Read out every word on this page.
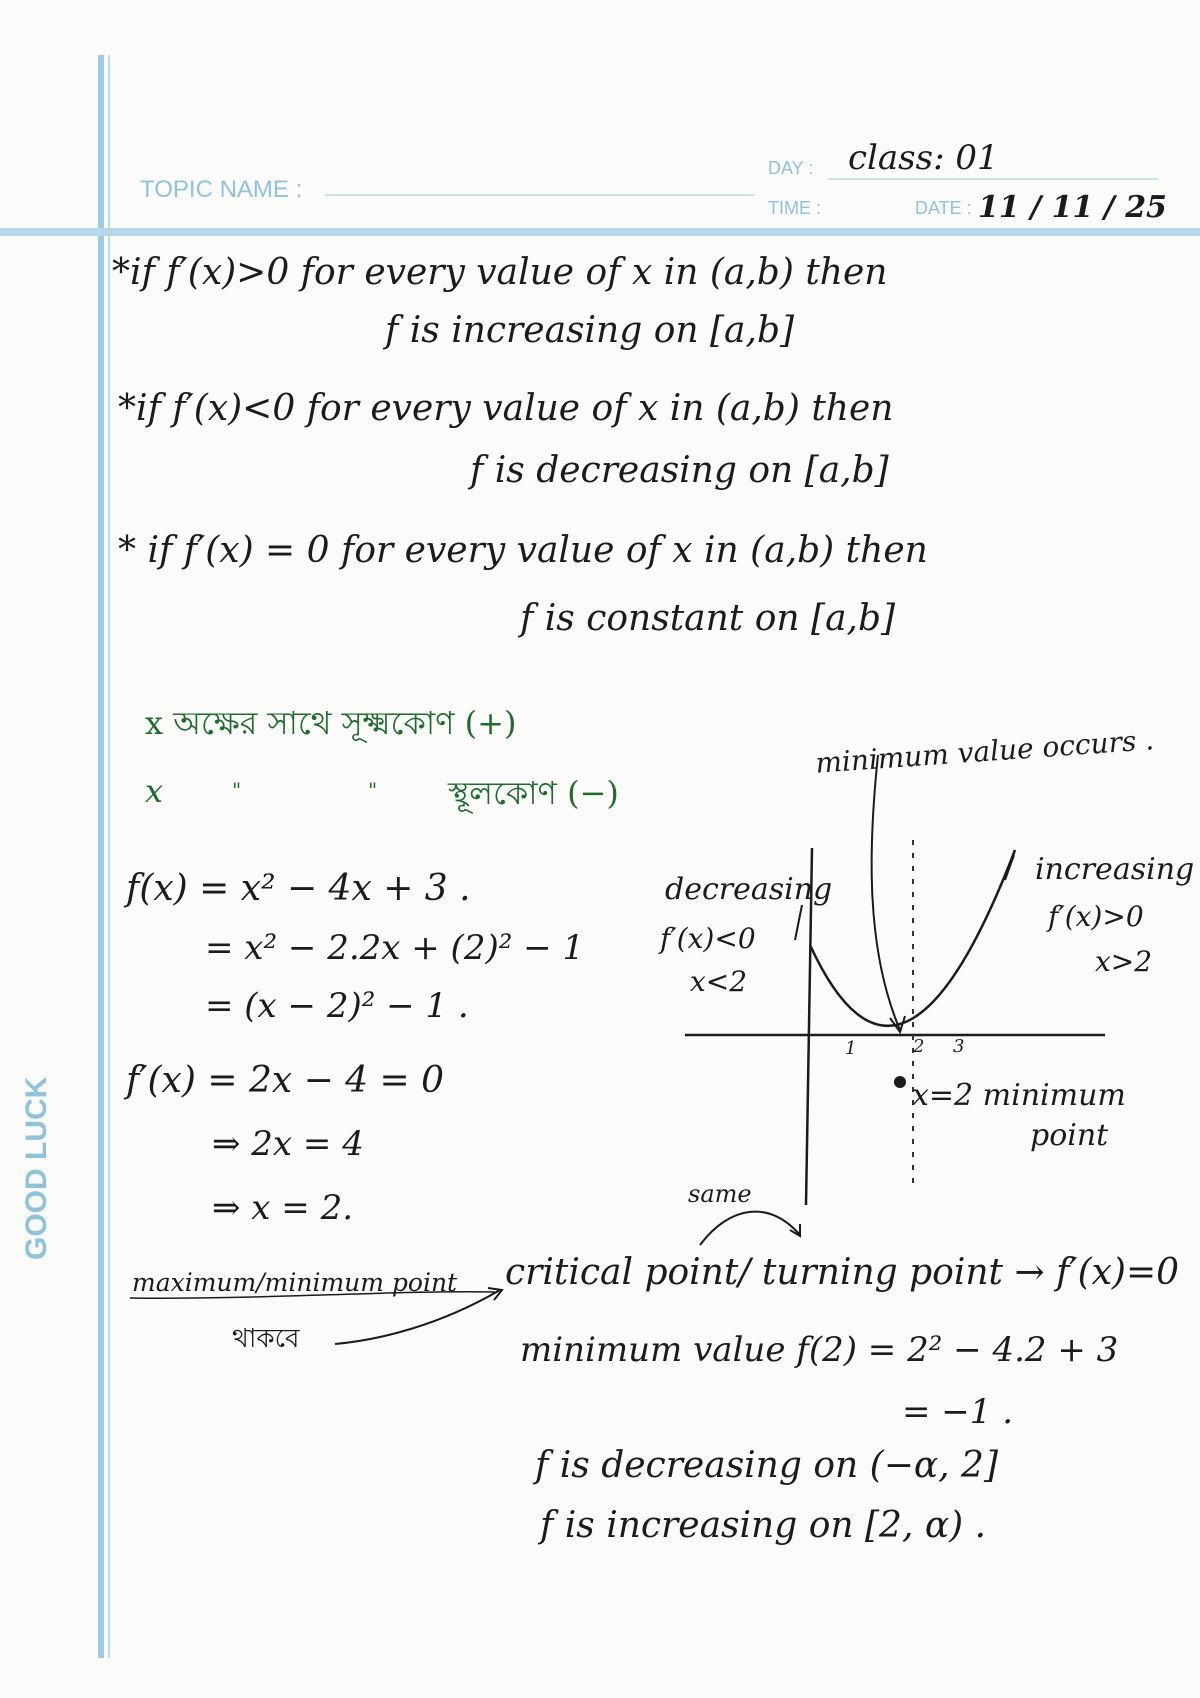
TOPIC NAME :
DAY :
TIME :	DATE :
class: 01
11 / 11 / 25
*if f′(x)>0 for every value of x in (a,b) then
f is increasing on [a,b]
*if f′(x)<0 for every value of x in (a,b) then
f is decreasing on [a,b]
* if f′(x) = 0 for every value of x in (a,b) then
f is constant on [a,b]
x অক্ষের সাথে সূক্ষ্মকোণ (+)
x	"	" স্থূলকোণ (−)
f(x) = x² − 4x + 3 .
= x² − 2.2x + (2)² − 1
= (x − 2)² − 1 .
f′(x) = 2x − 4 = 0
⇒ 2x = 4
⇒ x = 2.
minimum value occurs .
decreasing
f′(x)<0
x<2
increasing
f′(x)>0
x>2
1	2 3
x=2 minimum
point
same
maximum/minimum point
থাকবে
critical point/ turning point → f′(x)=0
minimum value f(2) = 2² − 4.2 + 3
= −1 .
f is decreasing on (−α, 2]
f is increasing on [2, α) .
GOOD LUCK
